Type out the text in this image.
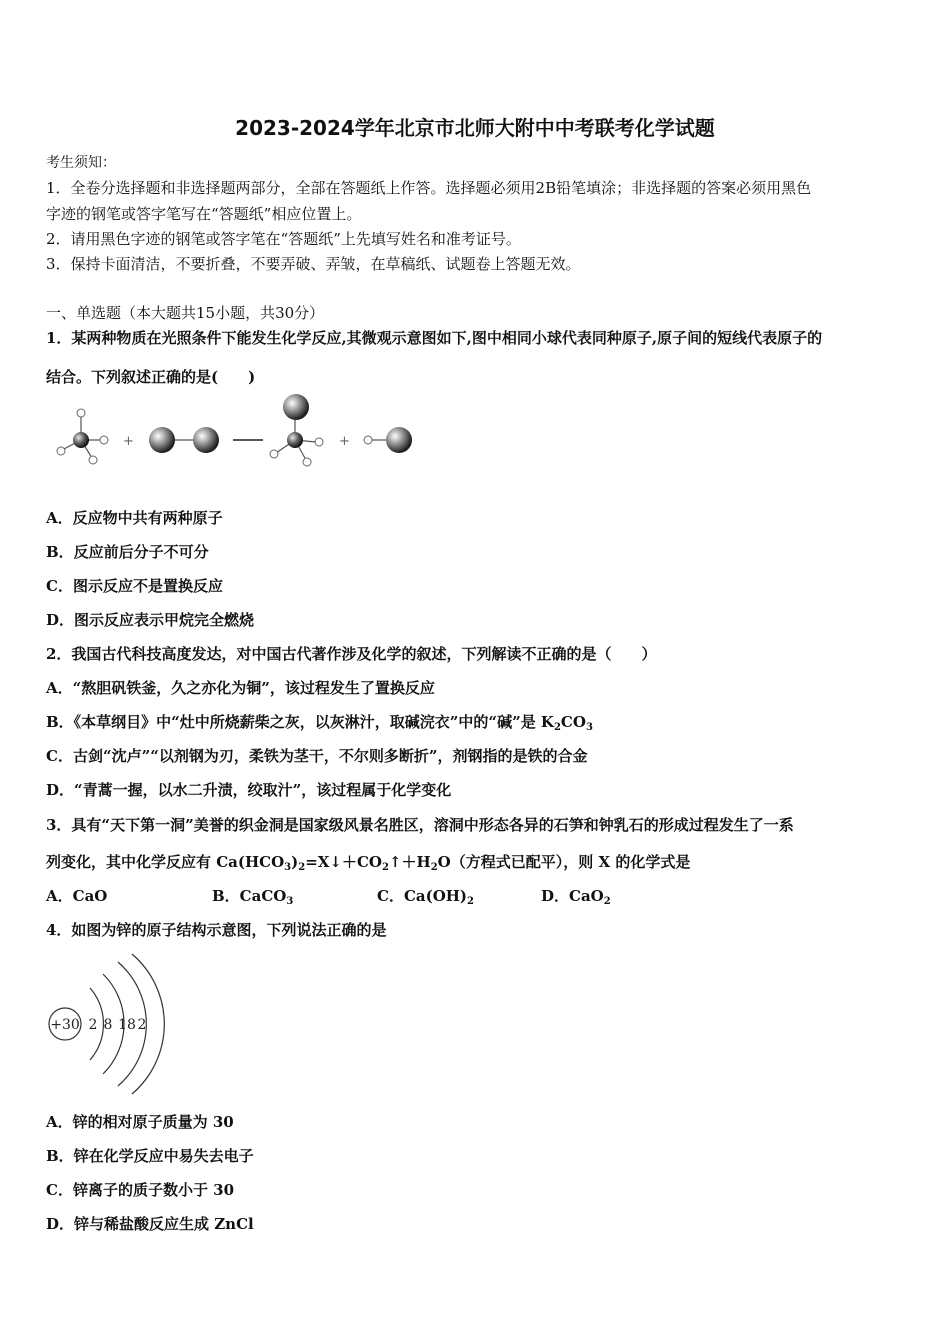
2023-2024学年北京市北师大附中中考联考化学试题
考生须知：
1．全卷分选择题和非选择题两部分，全部在答题纸上作答。选择题必须用2B铅笔填涂；非选择题的答案必须用黑色
字迹的钢笔或答字笔写在“答题纸”相应位置上。
2．请用黑色字迹的钢笔或答字笔在“答题纸”上先填写姓名和准考证号。
3．保持卡面清洁，不要折叠，不要弄破、弄皱，在草稿纸、试题卷上答题无效。
一、单选题（本大题共15小题，共30分）
1．某两种物质在光照条件下能发生化学反应,其微观示意图如下,图中相同小球代表同种原子,原子间的短线代表原子的
结合。下列叙述正确的是(　　)
+	+
A．反应物中共有两种原子
B．反应前后分子不可分
C．图示反应不是置换反应
D．图示反应表示甲烷完全燃烧
2．我国古代科技高度发达，对中国古代著作涉及化学的叙述，下列解读不正确的是（　　）
A．“熬胆矾铁釜，久之亦化为铜”，该过程发生了置换反应
B．《本草纲目》中“灶中所烧薪柴之灰，以灰淋汁，取碱浣衣”中的“碱”是 $K_2CO_3$
C．古剑“沈卢”“以剂钢为刃，柔铁为茎干，不尔则多断折”，剂钢指的是铁的合金
D．“青蒿一握，以水二升渍，绞取汁”，该过程属于化学变化
3．具有“天下第一洞”美誉的织金洞是国家级风景名胜区，溶洞中形态各异的石笋和钟乳石的形成过程发生了一系
列变化，其中化学反应有 $Ca(HCO_3)_2=X↓+CO_2↑+H_2O$（方程式已配平），则 X 的化学式是
A．CaO	B．CaCO$_3$	C．$Ca(OH)_2$	D．CaO$_2$
4．如图为锌的原子结构示意图，下列说法正确的是
+30 2 8 18 2
A．锌的相对原子质量为 30
B．锌在化学反应中易失去电子
C．锌离子的质子数小于 30
D．锌与稀盐酸反应生成 ZnCl
